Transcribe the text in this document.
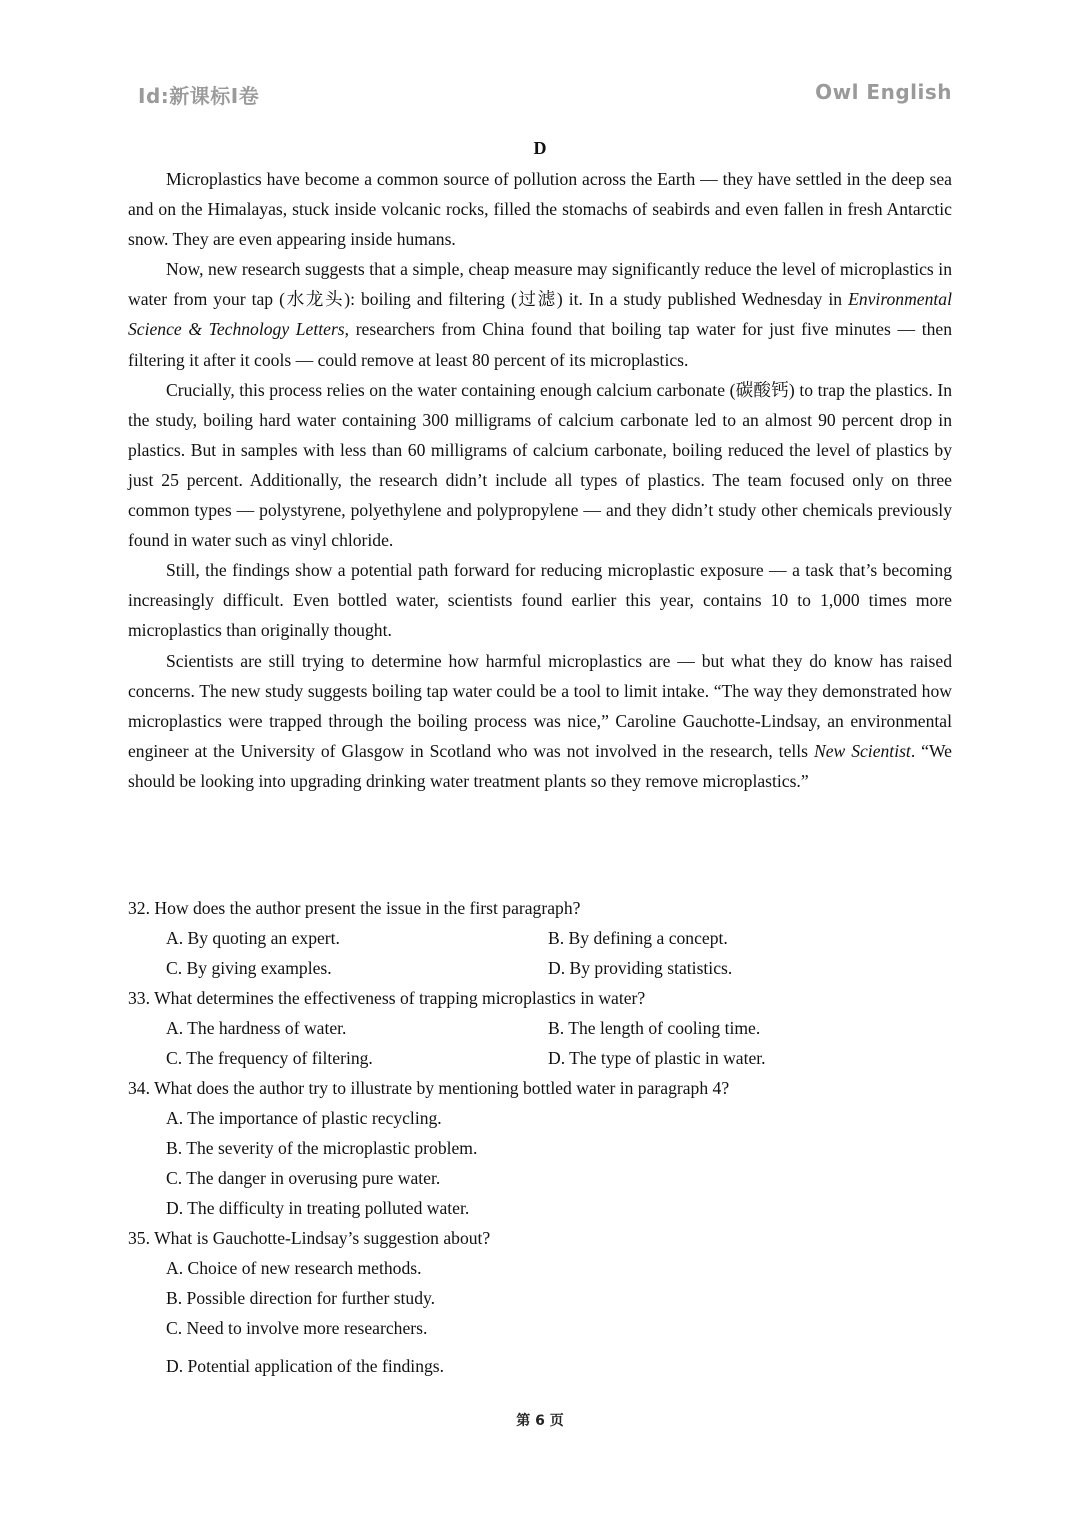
Id:新课标I卷	Owl English
D

Microplastics have become a common source of pollution across the Earth — they have settled in the deep sea and on the Himalayas, stuck inside volcanic rocks, filled the stomachs of seabirds and even fallen in fresh Antarctic snow. They are even appearing inside humans.

Now, new research suggests that a simple, cheap measure may significantly reduce the level of microplastics in water from your tap (水龙头): boiling and filtering (过滤) it. In a study published Wednesday in Environmental Science & Technology Letters, researchers from China found that boiling tap water for just five minutes — then filtering it after it cools — could remove at least 80 percent of its microplastics.

Crucially, this process relies on the water containing enough calcium carbonate (碳酸钙) to trap the plastics. In the study, boiling hard water containing 300 milligrams of calcium carbonate led to an almost 90 percent drop in plastics. But in samples with less than 60 milligrams of calcium carbonate, boiling reduced the level of plastics by just 25 percent. Additionally, the research didn’t include all types of plastics. The team focused only on three common types — polystyrene, polyethylene and polypropylene — and they didn’t study other chemicals previously found in water such as vinyl chloride.

Still, the findings show a potential path forward for reducing microplastic exposure — a task that’s becoming increasingly difficult. Even bottled water, scientists found earlier this year, contains 10 to 1,000 times more microplastics than originally thought.

Scientists are still trying to determine how harmful microplastics are — but what they do know has raised concerns. The new study suggests boiling tap water could be a tool to limit intake. “The way they demonstrated how microplastics were trapped through the boiling process was nice,” Caroline Gauchotte-Lindsay, an environmental engineer at the University of Glasgow in Scotland who was not involved in the research, tells New Scientist. “We should be looking into upgrading drinking water treatment plants so they remove microplastics.”

32. How does the author present the issue in the first paragraph?
A. By quoting an expert.	B. By defining a concept.
C. By giving examples.	D. By providing statistics.
33. What determines the effectiveness of trapping microplastics in water?
A. The hardness of water.	B. The length of cooling time.
C. The frequency of filtering.	D. The type of plastic in water.
34. What does the author try to illustrate by mentioning bottled water in paragraph 4?
A. The importance of plastic recycling.
B. The severity of the microplastic problem.
C. The danger in overusing pure water.
D. The difficulty in treating polluted water.
35. What is Gauchotte-Lindsay’s suggestion about?
A. Choice of new research methods.
B. Possible direction for further study.
C. Need to involve more researchers.
D. Potential application of the findings.
第 6 页
